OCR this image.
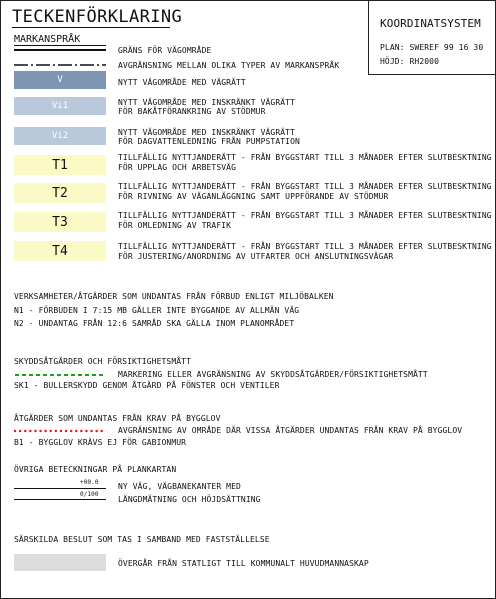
TECKENFÖRKLARING	KOORDINATSYSTEM
PLAN: SWEREF 99 16 30
HÖJD: RH2000
MARKANSPRÅK
GRÄNS FÖR VÄGOMRÅDE
AVGRÄNSNING MELLAN OLIKA TYPER AV MARKANSPRÅK
V	NYTT VÄGOMRÅDE MED VÄGRÄTT
Vi1	NYTT VÄGOMRÅDE MED INSKRÄNKT VÄGRÄTT
FÖR BAKÅTFÖRANKRING AV STÖDMUR
Vi2	NYTT VÄGOMRÅDE MED INSKRÄNKT VÄGRÄTT
FÖR DAGVATTENLEDNING FRÅN PUMPSTATION
T1	TILLFÄLLIG NYTTJANDERÄTT - FRÅN BYGGSTART TILL 3 MÅNADER EFTER SLUTBESKTNING
FÖR UPPLAG OCH ARBETSVÄG
T2	TILLFÄLLIG NYTTJANDERÄTT - FRÅN BYGGSTART TILL 3 MÅNADER EFTER SLUTBESKTNING
FÖR RIVNING AV VÄGANLÄGGNING SAMT UPPFÖRANDE AV STÖDMUR
T3	TILLFÄLLIG NYTTJANDERÄTT - FRÅN BYGGSTART TILL 3 MÅNADER EFTER SLUTBESKTNING
FÖR OMLEDNING AV TRAFIK
T4	TILLFÄLLIG NYTTJANDERÄTT - FRÅN BYGGSTART TILL 3 MÅNADER EFTER SLUTBESKTNING
FÖR JUSTERING/ANORDNING AV UTFARTER OCH ANSLUTNINGSVÄGAR
VERKSAMHETER/ÅTGÄRDER SOM UNDANTAS FRÅN FÖRBUD ENLIGT MILJÖBALKEN
N1 - FÖRBUDEN I 7:15 MB GÄLLER INTE BYGGANDE AV ALLMÄN VÄG
N2 - UNDANTAG FRÅN 12:6 SAMRÅD SKA GÄLLA INOM PLANOMRÅDET
SKYDDSÅTGÄRDER OCH FÖRSIKTIGHETSMÅTT
MARKERING ELLER AVGRÄNSNING AV SKYDDSÅTGÄRDER/FÖRSIKTIGHETSMÅTT
SK1 - BULLERSKYDD GENOM ÅTGÄRD PÅ FÖNSTER OCH VENTILER
ÅTGÄRDER SOM UNDANTAS FRÅN KRAV PÅ BYGGLOV
AVGRÄNSNING AV OMRÅDE DÄR VISSA ÅTGÄRDER UNDANTAS FRÅN KRAV PÅ BYGGLOV
B1 - BYGGLOV KRÄVS EJ FÖR GABIONMUR
ÖVRIGA BETECKNINGAR PÅ PLANKARTAN
+00.0
0/100
NY VÄG, VÄGBANEKANTER MED
LÄNGDMÄTNING OCH HÖJDSÄTTNING
SÄRSKILDA BESLUT SOM TAS I SAMBAND MED FASTSTÄLLELSE
ÖVERGÅR FRÅN STATLIGT TILL KOMMUNALT HUVUDMANNASKAP
